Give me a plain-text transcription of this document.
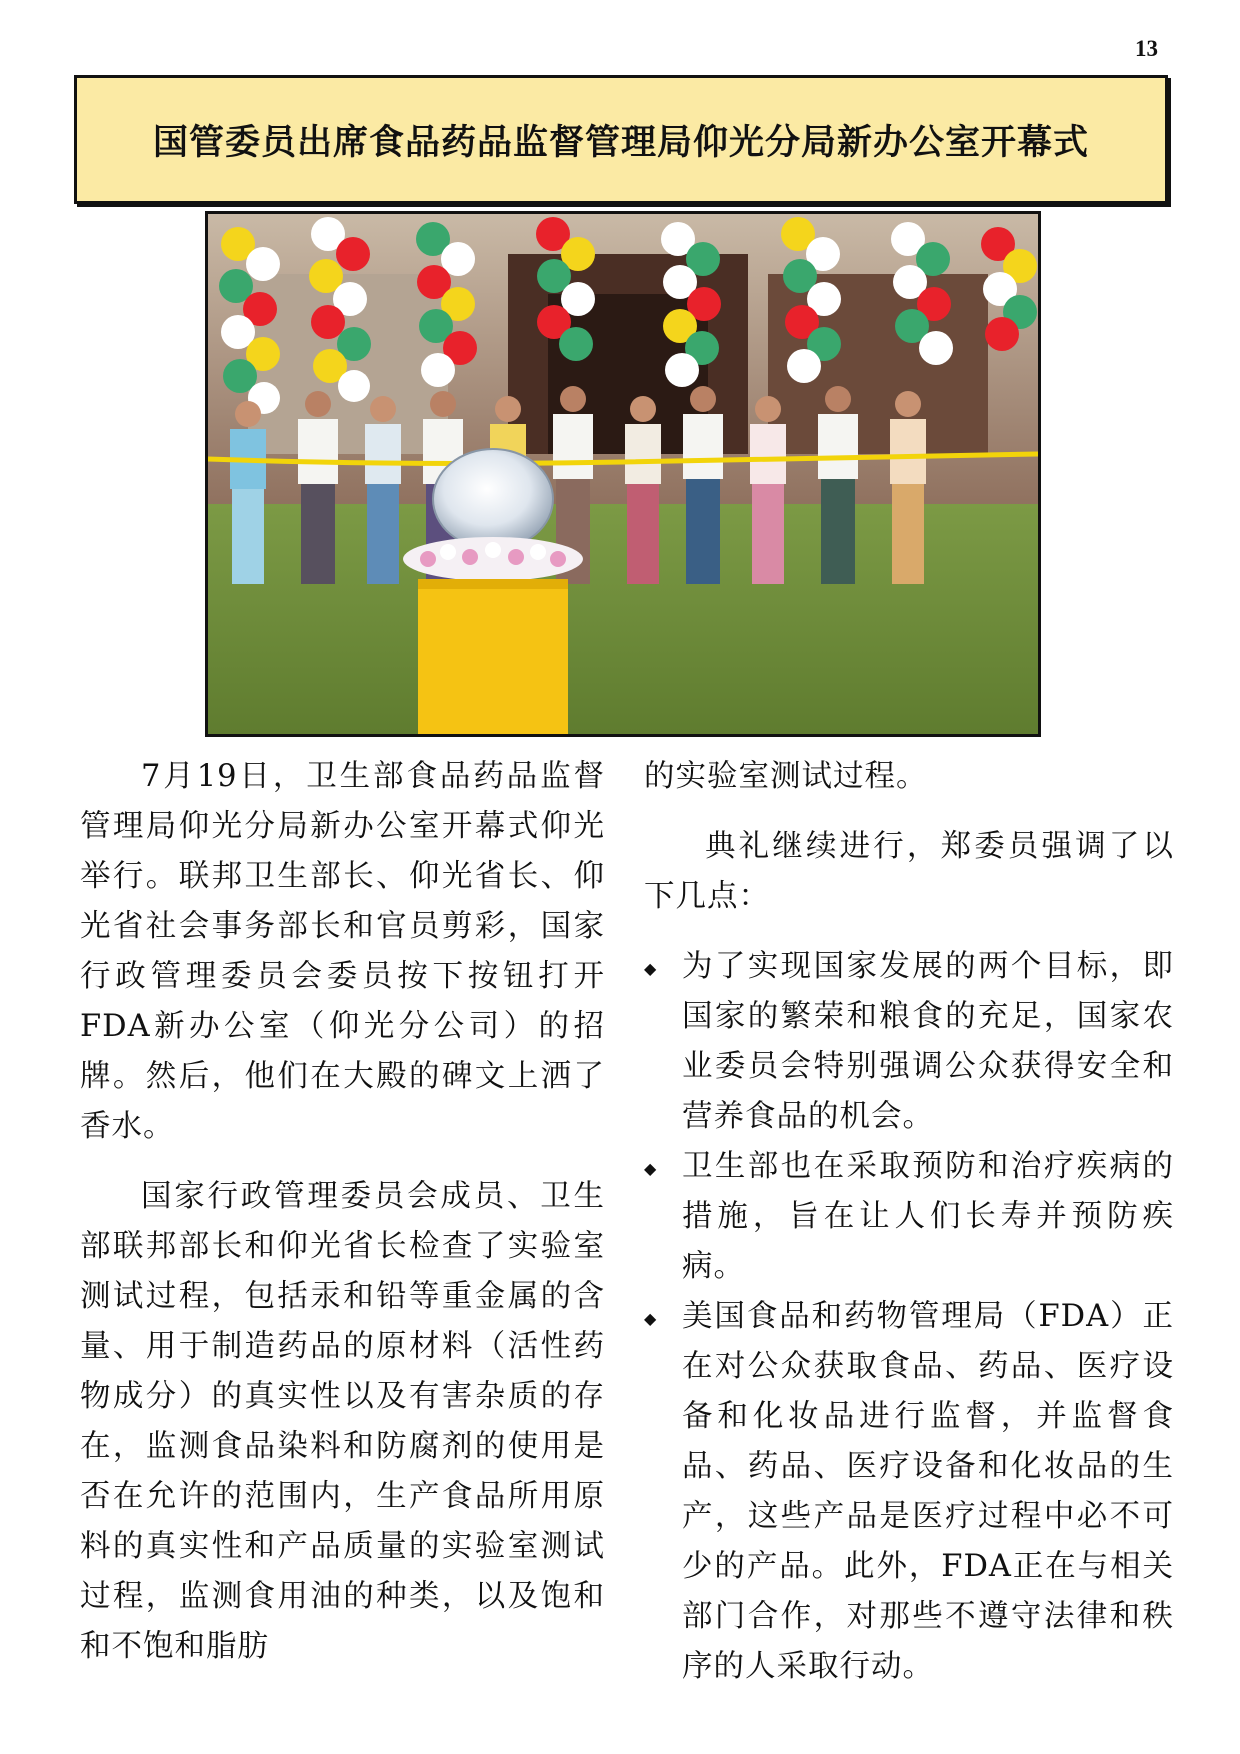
13
国管委员出席食品药品监督管理局仰光分局新办公室开幕式

7月19日，卫生部食品药品监督管理局仰光分局新办公室开幕式仰光举行。联邦卫生部长、仰光省长、仰光省社会事务部长和官员剪彩，国家行政管理委员会委员按下按钮打开FDA新办公室（仰光分公司）的招牌。然后，他们在大殿的碑文上洒了香水。

国家行政管理委员会成员、卫生部联邦部长和仰光省长检查了实验室测试过程，包括汞和铅等重金属的含量、用于制造药品的原材料（活性药物成分）的真实性以及有害杂质的存在，监测食品染料和防腐剂的使用是否在允许的范围内，生产食品所用原料的真实性和产品质量的实验室测试过程，监测食用油的种类，以及饱和和不饱和脂肪

的实验室测试过程。

典礼继续进行，郑委员强调了以下几点：

◆ 为了实现国家发展的两个目标，即国家的繁荣和粮食的充足，国家农业委员会特别强调公众获得安全和营养食品的机会。
◆ 卫生部也在采取预防和治疗疾病的措施，旨在让人们长寿并预防疾病。
◆ 美国食品和药物管理局（FDA）正在对公众获取食品、药品、医疗设备和化妆品进行监督，并监督食品、药品、医疗设备和化妆品的生产，这些产品是医疗过程中必不可少的产品。此外，FDA正在与相关部门合作，对那些不遵守法律和秩序的人采取行动。
